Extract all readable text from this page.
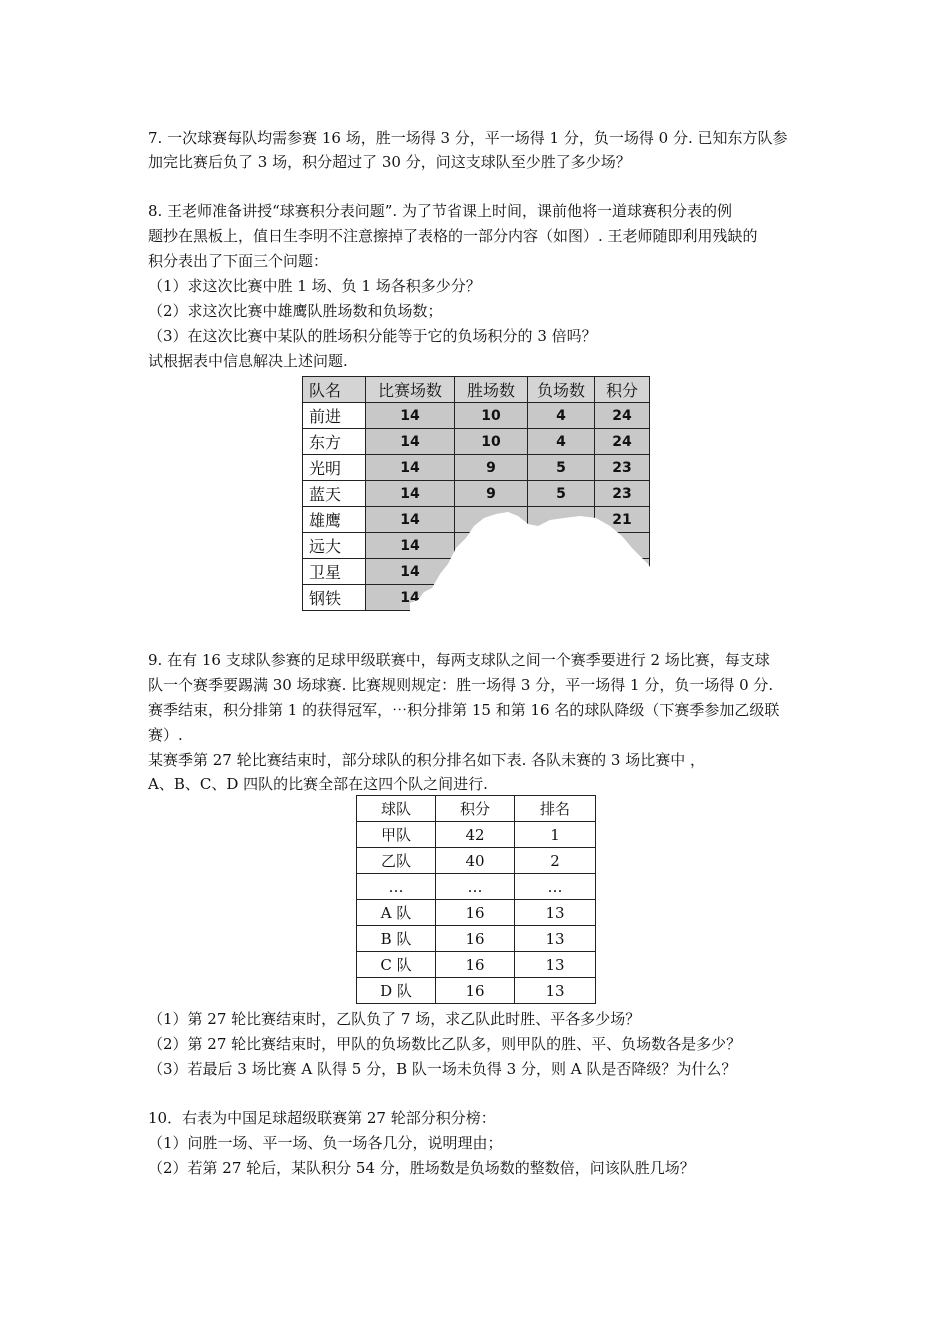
7. 一次球赛每队均需参赛 16 场，胜一场得 3 分，平一场得 1 分，负一场得 0 分. 已知东方队参
加完比赛后负了 3 场，积分超过了 30 分，问这支球队至少胜了多少场？
8. 王老师准备讲授“球赛积分表问题”. 为了节省课上时间，课前他将一道球赛积分表的例
题抄在黑板上，值日生李明不注意擦掉了表格的一部分内容（如图）. 王老师随即利用残缺的
积分表出了下面三个问题：
（1）求这次比赛中胜 1 场、负 1 场各积多少分？
（2）求这次比赛中雄鹰队胜场数和负场数；
（3）在这次比赛中某队的胜场积分能等于它的负场积分的 3 倍吗？
试根据表中信息解决上述问题.
队名	比赛场数	胜场数	负场数	积分
前进	14	10	4	24
东方	14	10	4	24
光明	14	9	5	23
蓝天	14	9	5	23
雄鹰	14			21
远大	14			
卫星	14			
钢铁	14			
9. 在有 16 支球队参赛的足球甲级联赛中，每两支球队之间一个赛季要进行 2 场比赛，每支球
队一个赛季要踢满 30 场球赛. 比赛规则规定：胜一场得 3 分，平一场得 1 分，负一场得 0 分.
赛季结束，积分排第 1 的获得冠军，⋯积分排第 15 和第 16 名的球队降级（下赛季参加乙级联
赛）.
某赛季第 27 轮比赛结束时，部分球队的积分排名如下表. 各队未赛的 3 场比赛中 ，
A、B、C、D 四队的比赛全部在这四个队之间进行.
球队	积分	排名
甲队	42	1
乙队	40	2
…	…	…
A 队	16	13
B 队	16	13
C 队	16	13
D 队	16	13
（1）第 27 轮比赛结束时，乙队负了 7 场，求乙队此时胜、平各多少场？
（2）第 27 轮比赛结束时，甲队的负场数比乙队多，则甲队的胜、平、负场数各是多少？
（3）若最后 3 场比赛 A 队得 5 分，B 队一场未负得 3 分，则 A 队是否降级？为什么？
10．右表为中国足球超级联赛第 27 轮部分积分榜：
（1）问胜一场、平一场、负一场各几分，说明理由；
（2）若第 27 轮后，某队积分 54 分，胜场数是负场数的整数倍，问该队胜几场？
